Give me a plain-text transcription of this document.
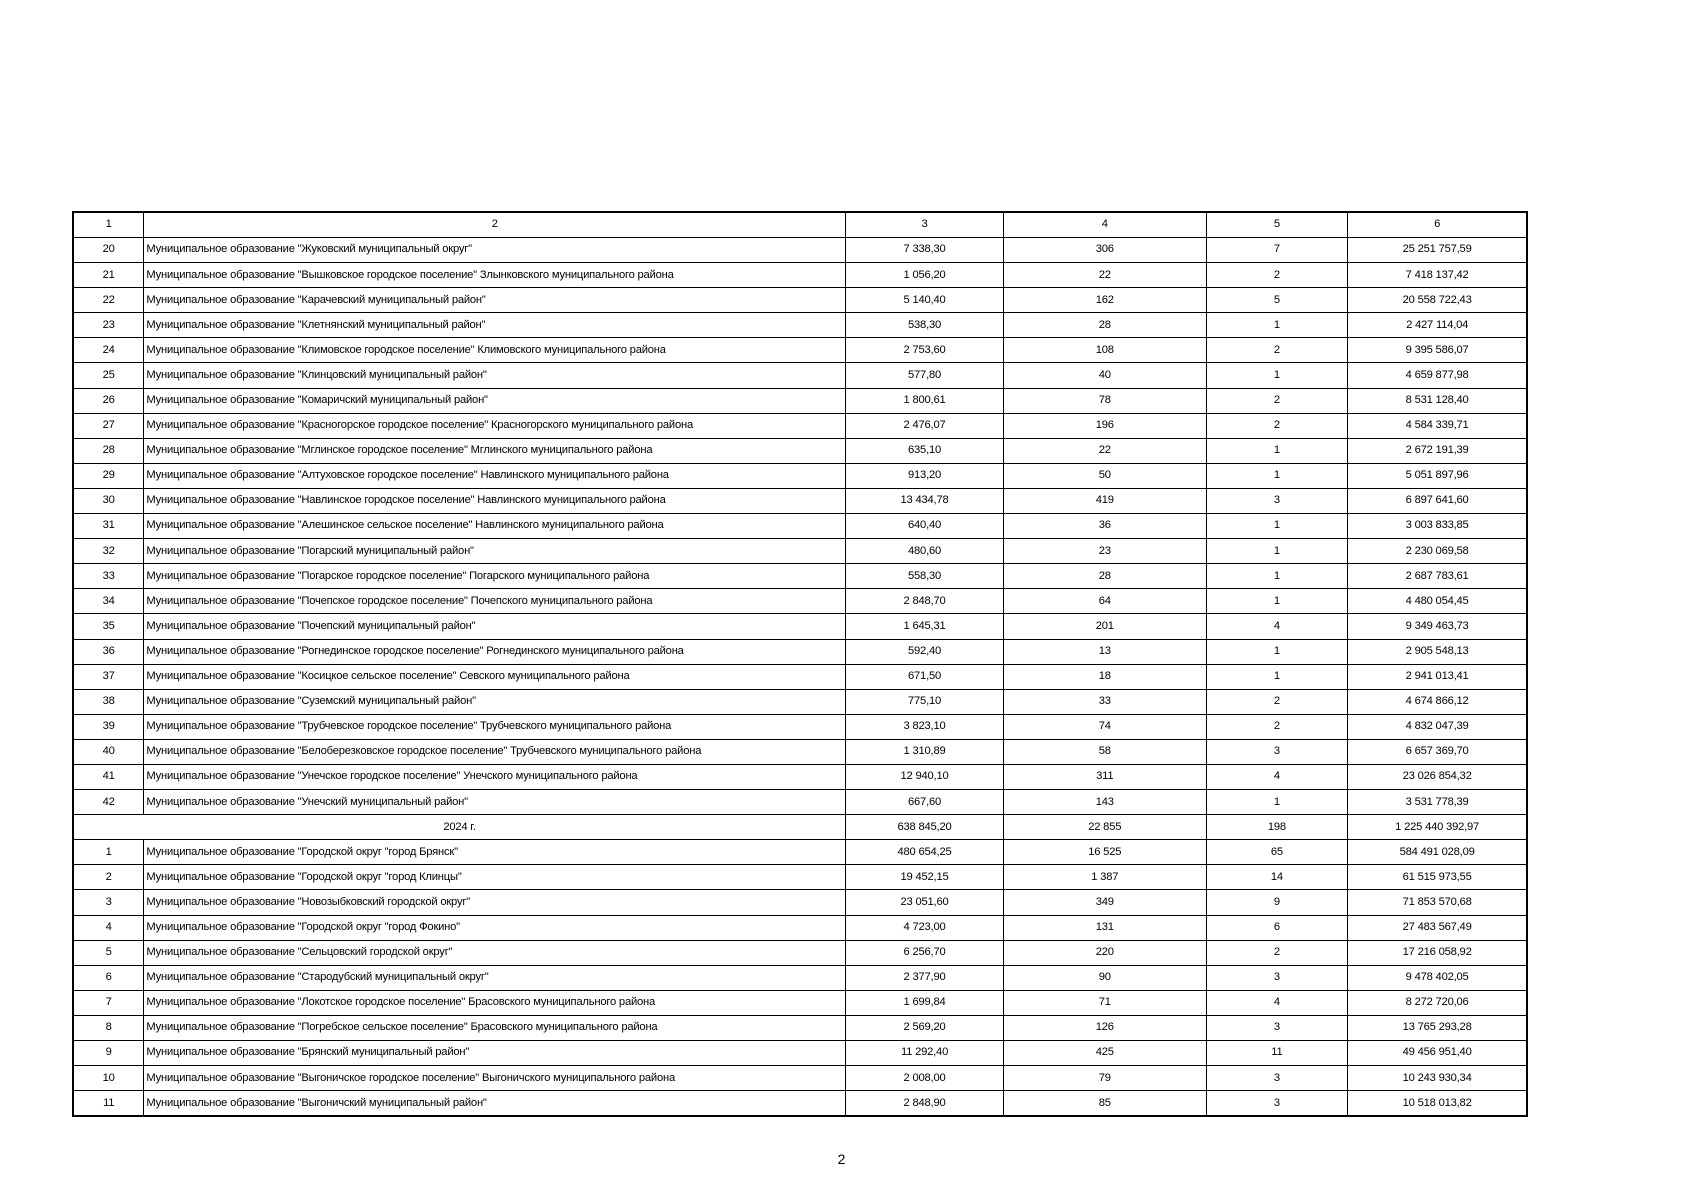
1	2	3	4	5	6
20	Муниципальное образование "Жуковский муниципальный округ"	7 338,30	306	7	25 251 757,59
21	Муниципальное образование "Вышковское городское поселение" Злынковского муниципального района	1 056,20	22	2	7 418 137,42
22	Муниципальное образование "Карачевский муниципальный район"	5 140,40	162	5	20 558 722,43
23	Муниципальное образование "Клетнянский муниципальный район"	538,30	28	1	2 427 114,04
24	Муниципальное образование "Климовское городское поселение" Климовского муниципального района	2 753,60	108	2	9 395 586,07
25	Муниципальное образование "Клинцовский муниципальный район"	577,80	40	1	4 659 877,98
26	Муниципальное образование "Комаричский муниципальный район"	1 800,61	78	2	8 531 128,40
27	Муниципальное образование "Красногорское городское поселение" Красногорского муниципального района	2 476,07	196	2	4 584 339,71
28	Муниципальное образование "Мглинское городское поселение" Мглинского муниципального района	635,10	22	1	2 672 191,39
29	Муниципальное образование "Алтуховское городское поселение" Навлинского муниципального района	913,20	50	1	5 051 897,96
30	Муниципальное образование "Навлинское городское поселение" Навлинского муниципального района	13 434,78	419	3	6 897 641,60
31	Муниципальное образование "Алешинское сельское поселение" Навлинского муниципального района	640,40	36	1	3 003 833,85
32	Муниципальное образование "Погарский муниципальный район"	480,60	23	1	2 230 069,58
33	Муниципальное образование "Погарское городское поселение" Погарского муниципального района	558,30	28	1	2 687 783,61
34	Муниципальное образование "Почепское городское поселение" Почепского муниципального района	2 848,70	64	1	4 480 054,45
35	Муниципальное образование "Почепский муниципальный район"	1 645,31	201	4	9 349 463,73
36	Муниципальное образование "Рогнединское городское поселение" Рогнединского муниципального района	592,40	13	1	2 905 548,13
37	Муниципальное образование "Косицкое сельское поселение" Севского муниципального района	671,50	18	1	2 941 013,41
38	Муниципальное образование "Суземский муниципальный район"	775,10	33	2	4 674 866,12
39	Муниципальное образование "Трубчевское городское поселение" Трубчевского муниципального района	3 823,10	74	2	4 832 047,39
40	Муниципальное образование "Белоберезковское городское поселение" Трубчевского муниципального района	1 310,89	58	3	6 657 369,70
41	Муниципальное образование "Унечское городское поселение" Унечского муниципального района	12 940,10	311	4	23 026 854,32
42	Муниципальное образование "Унечский муниципальный район"	667,60	143	1	3 531 778,39
2024 г.		638 845,20	22 855	198	1 225 440 392,97
1	Муниципальное образование "Городской округ "город Брянск"	480 654,25	16 525	65	584 491 028,09
2	Муниципальное образование "Городской округ "город Клинцы"	19 452,15	1 387	14	61 515 973,55
3	Муниципальное образование "Новозыбковский городской округ"	23 051,60	349	9	71 853 570,68
4	Муниципальное образование "Городской округ "город Фокино"	4 723,00	131	6	27 483 567,49
5	Муниципальное образование "Сельцовский городской округ"	6 256,70	220	2	17 216 058,92
6	Муниципальное образование "Стародубский муниципальный округ"	2 377,90	90	3	9 478 402,05
7	Муниципальное образование "Локотское городское поселение" Брасовского муниципального района	1 699,84	71	4	8 272 720,06
8	Муниципальное образование "Погребское сельское поселение" Брасовского муниципального района	2 569,20	126	3	13 765 293,28
9	Муниципальное образование "Брянский муниципальный район"	11 292,40	425	11	49 456 951,40
10	Муниципальное образование "Выгоничское городское поселение" Выгоничского муниципального района	2 008,00	79	3	10 243 930,34
11	Муниципальное образование "Выгоничский муниципальный район"	2 848,90	85	3	10 518 013,82
2
